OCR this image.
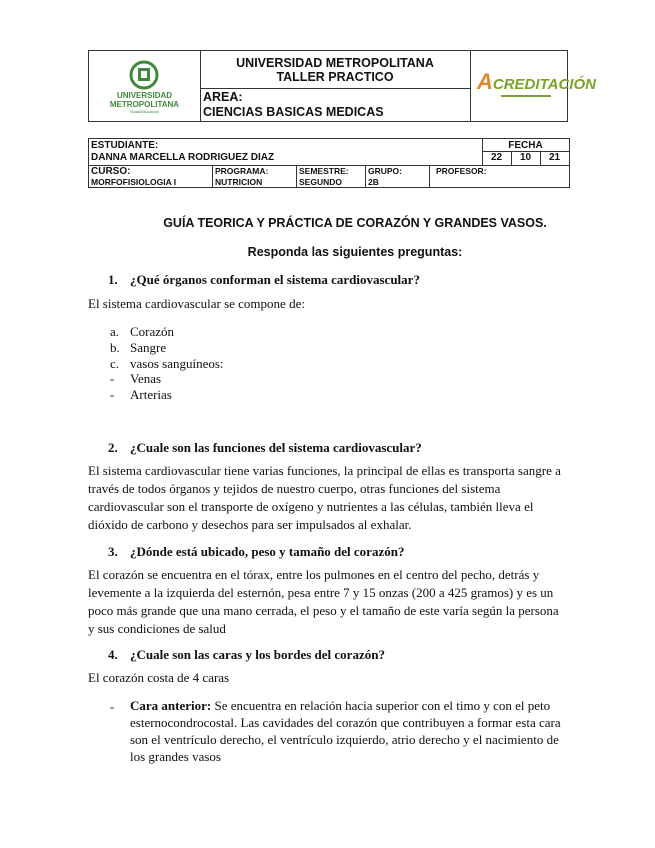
UNIVERSIDAD
METROPOLITANA
Vida&Educación
UNIVERSIDAD METROPOLITANA
TALLER PRACTICO
AREA:
CIENCIAS BASICAS MEDICAS
ACREDITACIÓN
ESTUDIANTE:
DANNA MARCELLA RODRIGUEZ DIAZ
FECHA
22	10	21
CURSO:
MORFOFISIOLOGIA I
PROGRAMA:
NUTRICION
SEMESTRE:
SEGUNDO
GRUPO:
2B
PROFESOR:
GUÍA TEORICA Y PRÁCTICA DE CORAZÓN Y GRANDES VASOS.
Responda las siguientes preguntas:
1. ¿Qué órganos conforman el sistema cardiovascular?
El sistema cardiovascular se compone de:
a. Corazón
b. Sangre
c. vasos sanguíneos:
- Venas
- Arterias
2. ¿Cuale son las funciones del sistema cardiovascular?
El sistema cardiovascular tiene varias funciones, la principal de ellas es transporta sangre a través de todos órganos y tejidos de nuestro cuerpo, otras funciones del sistema cardiovascular son el transporte de oxígeno y nutrientes a las células, también lleva el dióxido de carbono y desechos para ser impulsados al exhalar.
3. ¿Dónde está ubicado, peso y tamaño del corazón?
El corazón se encuentra en el tórax, entre los pulmones en el centro del pecho, detrás y levemente a la izquierda del esternón, pesa entre 7 y 15 onzas (200 a 425 gramos) y es un poco más grande que una mano cerrada, el peso y el tamaño de este varía según la persona y sus condiciones de salud
4. ¿Cuale son las caras y los bordes del corazón?
El corazón costa de 4 caras
- Cara anterior: Se encuentra en relación hacia superior con el timo y con el peto esternocondrocostal. Las cavidades del corazón que contribuyen a formar esta cara son el ventrículo derecho, el ventrículo izquierdo, atrio derecho y el nacimiento de los grandes vasos
